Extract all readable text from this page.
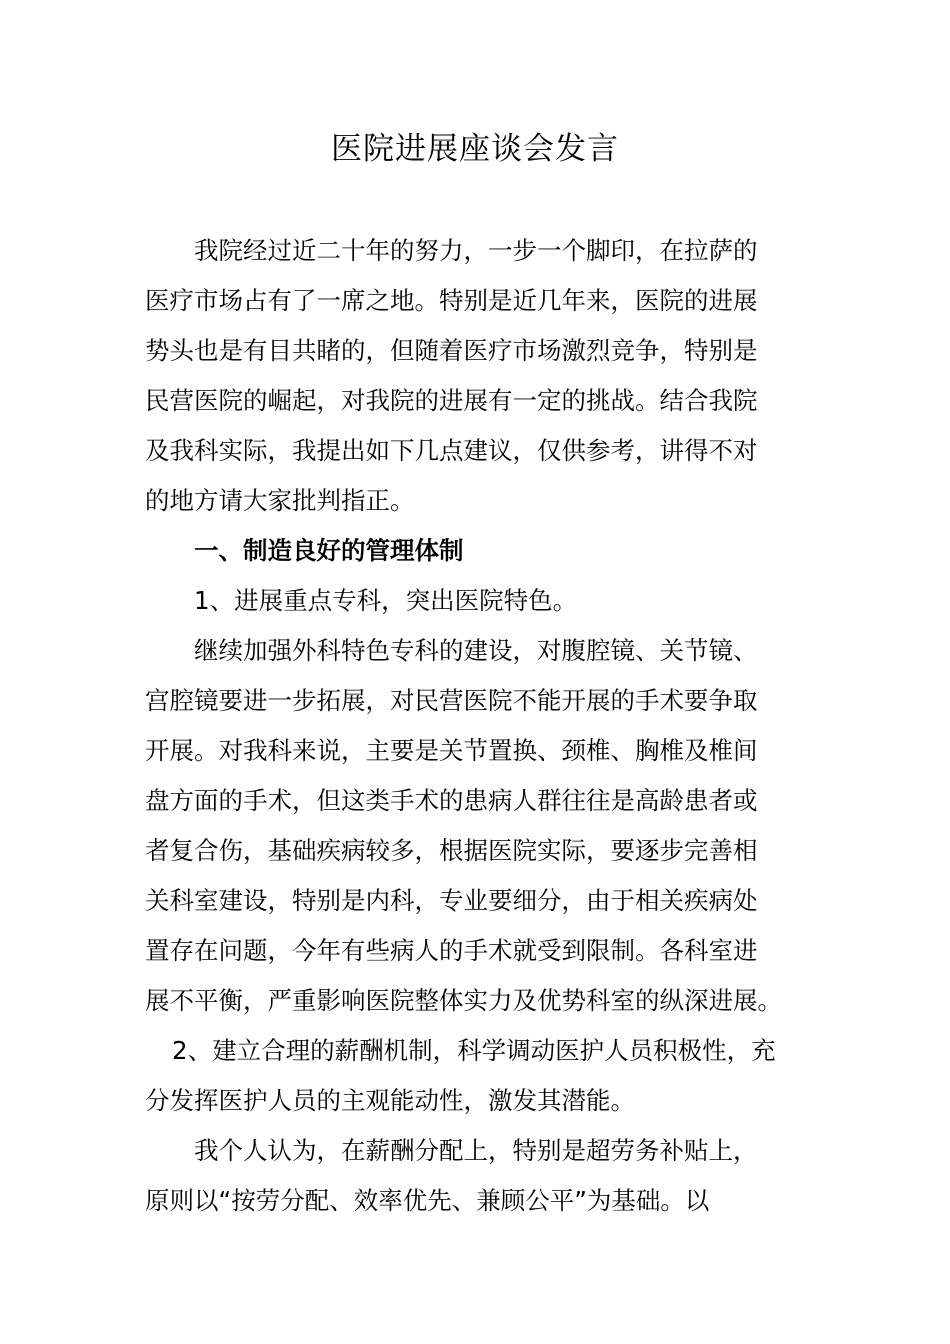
医院进展座谈会发言
我院经过近二十年的努力，一步一个脚印，在拉萨的
医疗市场占有了一席之地。特别是近几年来，医院的进展
势头也是有目共睹的，但随着医疗市场激烈竞争，特别是
民营医院的崛起，对我院的进展有一定的挑战。结合我院
及我科实际，我提出如下几点建议，仅供参考，讲得不对
的地方请大家批判指正。
一、制造良好的管理体制
1、进展重点专科，突出医院特色。
继续加强外科特色专科的建设，对腹腔镜、关节镜、
宫腔镜要进一步拓展，对民营医院不能开展的手术要争取
开展。对我科来说，主要是关节置换、颈椎、胸椎及椎间
盘方面的手术，但这类手术的患病人群往往是高龄患者或
者复合伤，基础疾病较多，根据医院实际，要逐步完善相
关科室建设，特别是内科，专业要细分，由于相关疾病处
置存在问题，今年有些病人的手术就受到限制。各科室进
展不平衡，严重影响医院整体实力及优势科室的纵深进展。
2、建立合理的薪酬机制，科学调动医护人员积极性，充
分发挥医护人员的主观能动性，激发其潜能。
我个人认为，在薪酬分配上，特别是超劳务补贴上，
原则以“按劳分配、效率优先、兼顾公平”为基础。以
